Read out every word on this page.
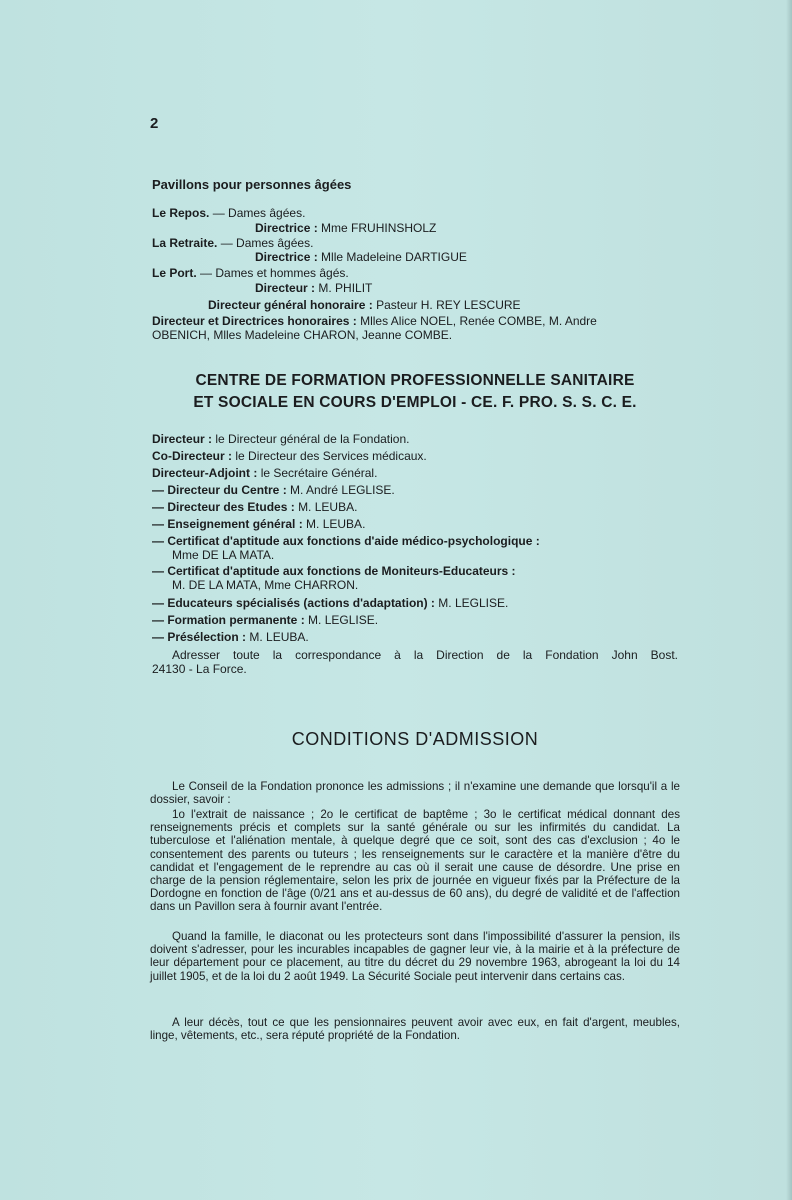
2
Pavillons pour personnes âgées
Le Repos. — Dames âgées.
Directrice : Mme FRUHINSHOLZ
La Retraite. — Dames âgées.
Directrice : Mlle Madeleine DARTIGUE
Le Port. — Dames et hommes âgés.
Directeur : M. PHILIT
Directeur général honoraire : Pasteur H. REY LESCURE
Directeur et Directrices honoraires : Mlles Alice NOEL, Renée COMBE, M. Andre
OBENICH, Mlles Madeleine CHARON, Jeanne COMBE.
CENTRE DE FORMATION PROFESSIONNELLE SANITAIRE
ET SOCIALE EN COURS D'EMPLOI - CE. F. PRO. S. S. C. E.
Directeur : le Directeur général de la Fondation.
Co-Directeur : le Directeur des Services médicaux.
Directeur-Adjoint : le Secrétaire Général.
— Directeur du Centre : M. André LEGLISE.
— Directeur des Etudes : M. LEUBA.
— Enseignement général : M. LEUBA.
— Certificat d'aptitude aux fonctions d'aide médico-psychologique :
Mme DE LA MATA.
— Certificat d'aptitude aux fonctions de Moniteurs-Educateurs :
M. DE LA MATA, Mme CHARRON.
— Educateurs spécialisés (actions d'adaptation) : M. LEGLISE.
— Formation permanente : M. LEGLISE.
— Présélection : M. LEUBA.
Adresser toute la correspondance à la Direction de la Fondation John Bost.
24130 - La Force.
CONDITIONS D'ADMISSION

Le Conseil de la Fondation prononce les admissions ; il n'examine une demande que lorsqu'il a le dossier, savoir :

1o l'extrait de naissance ; 2o le certificat de baptême ; 3o le certificat médical donnant des renseignements précis et complets sur la santé générale ou sur les infirmités du candidat. La tuberculose et l'aliénation mentale, à quelque degré que ce soit, sont des cas d'exclusion ; 4o le consentement des parents ou tuteurs ; les renseignements sur le caractère et la manière d'être du candidat et l'engagement de le reprendre au cas où il serait une cause de désordre. Une prise en charge de la pension réglementaire, selon les prix de journée en vigueur fixés par la Préfecture de la Dordogne en fonction de l'âge (0/21 ans et au-dessus de 60 ans), du degré de validité et de l'affection dans un Pavillon sera à fournir avant l'entrée.

Quand la famille, le diaconat ou les protecteurs sont dans l'impossibilité d'assurer la pension, ils doivent s'adresser, pour les incurables incapables de gagner leur vie, à la mairie et à la préfecture de leur département pour ce placement, au titre du décret du 29 novembre 1963, abrogeant la loi du 14 juillet 1905, et de la loi du 2 août 1949. La Sécurité Sociale peut intervenir dans certains cas.

A leur décès, tout ce que les pensionnaires peuvent avoir avec eux, en fait d'argent, meubles, linge, vêtements, etc., sera réputé propriété de la Fondation.
